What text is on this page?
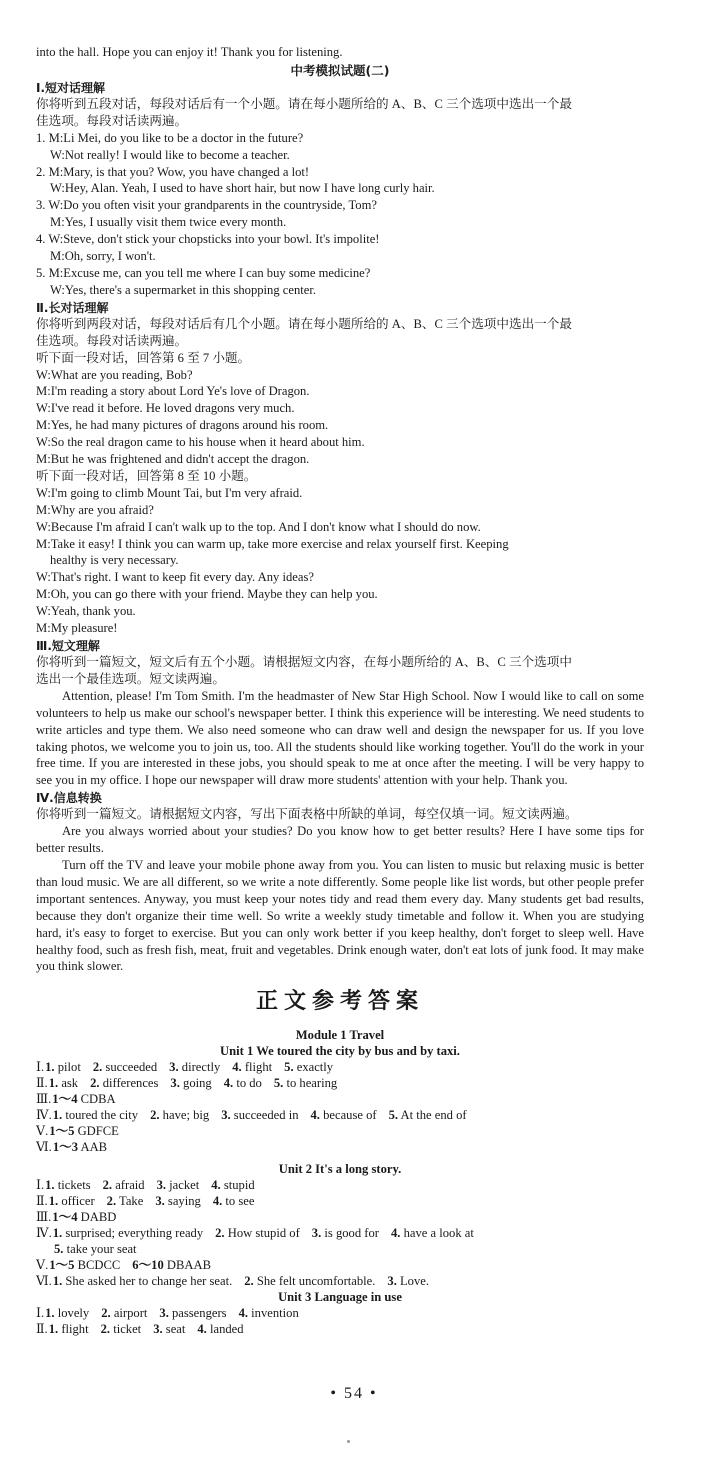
into the hall. Hope you can enjoy it! Thank you for listening.
中考模拟试题(二)
Ⅰ.短对话理解
你将听到五段对话，每段对话后有一个小题。请在每小题所给的 A、B、C 三个选项中选出一个最
佳选项。每段对话读两遍。
1. M:Li Mei, do you like to be a doctor in the future?
W:Not really! I would like to become a teacher.
2. M:Mary, is that you? Wow, you have changed a lot!
W:Hey, Alan. Yeah, I used to have short hair, but now I have long curly hair.
3. W:Do you often visit your grandparents in the countryside, Tom?
M:Yes, I usually visit them twice every month.
4. W:Steve, don't stick your chopsticks into your bowl. It's impolite!
M:Oh, sorry, I won't.
5. M:Excuse me, can you tell me where I can buy some medicine?
W:Yes, there's a supermarket in this shopping center.
Ⅱ.长对话理解
你将听到两段对话，每段对话后有几个小题。请在每小题所给的 A、B、C 三个选项中选出一个最
佳选项。每段对话读两遍。
听下面一段对话，回答第 6 至 7 小题。
W:What are you reading, Bob?
M:I'm reading a story about Lord Ye's love of Dragon.
W:I've read it before. He loved dragons very much.
M:Yes, he had many pictures of dragons around his room.
W:So the real dragon came to his house when it heard about him.
M:But he was frightened and didn't accept the dragon.
听下面一段对话，回答第 8 至 10 小题。
W:I'm going to climb Mount Tai, but I'm very afraid.
M:Why are you afraid?
W:Because I'm afraid I can't walk up to the top. And I don't know what I should do now.
M:Take it easy! I think you can warm up, take more exercise and relax yourself first. Keeping
healthy is very necessary.
W:That's right. I want to keep fit every day. Any ideas?
M:Oh, you can go there with your friend. Maybe they can help you.
W:Yeah, thank you.
M:My pleasure!
Ⅲ.短文理解
你将听到一篇短文，短文后有五个小题。请根据短文内容，在每小题所给的 A、B、C 三个选项中
选出一个最佳选项。短文读两遍。
Attention, please! I'm Tom Smith. I'm the headmaster of New Star High School. Now I would like to call on some volunteers to help us make our school's newspaper better. I think this experience will be interesting. We need students to write articles and type them. We also need someone who can draw well and design the newspaper for us. If you love taking photos, we welcome you to join us, too. All the students should like working together. You'll do the work in your free time. If you are interested in these jobs, you should speak to me at once after the meeting. I will be very happy to see you in my office. I hope our newspaper will draw more students' attention with your help. Thank you.
Ⅳ.信息转换
你将听到一篇短文。请根据短文内容，写出下面表格中所缺的单词，每空仅填一词。短文读两遍。
Are you always worried about your studies? Do you know how to get better results? Here I have some tips for better results.
Turn off the TV and leave your mobile phone away from you. You can listen to music but relaxing music is better than loud music. We are all different, so we write a note differently. Some people like list words, but other people prefer important sentences. Anyway, you must keep your notes tidy and read them every day. Many students get bad results, because they don't organize their time well. So write a weekly study timetable and follow it. When you are studying hard, it's easy to forget to exercise. But you can only work better if you keep healthy, don't forget to sleep well. Have healthy food, such as fresh fish, meat, fruit and vegetables. Drink enough water, don't eat lots of junk food. It may make you think slower.
正文参考答案
Module 1 Travel
Unit 1 We toured the city by bus and by taxi.
Ⅰ.1. pilot 2. succeeded 3. directly 4. flight 5. exactly
Ⅱ.1. ask 2. differences 3. going 4. to do 5. to hearing
Ⅲ.1～4 CDBA
Ⅳ.1. toured the city 2. have; big 3. succeeded in 4. because of 5. At the end of
Ⅴ.1～5 GDFCE
Ⅵ.1～3 AAB
Unit 2 It's a long story.
Ⅰ.1. tickets 2. afraid 3. jacket 4. stupid
Ⅱ.1. officer 2. Take 3. saying 4. to see
Ⅲ.1～4 DABD
Ⅳ.1. surprised; everything ready 2. How stupid of 3. is good for 4. have a look at
5. take your seat
Ⅴ.1～5 BCDCC 6～10 DBAAB
Ⅵ.1. She asked her to change her seat. 2. She felt uncomfortable. 3. Love.
Unit 3 Language in use
Ⅰ.1. lovely 2. airport 3. passengers 4. invention
Ⅱ.1. flight 2. ticket 3. seat 4. landed
• 54 •
